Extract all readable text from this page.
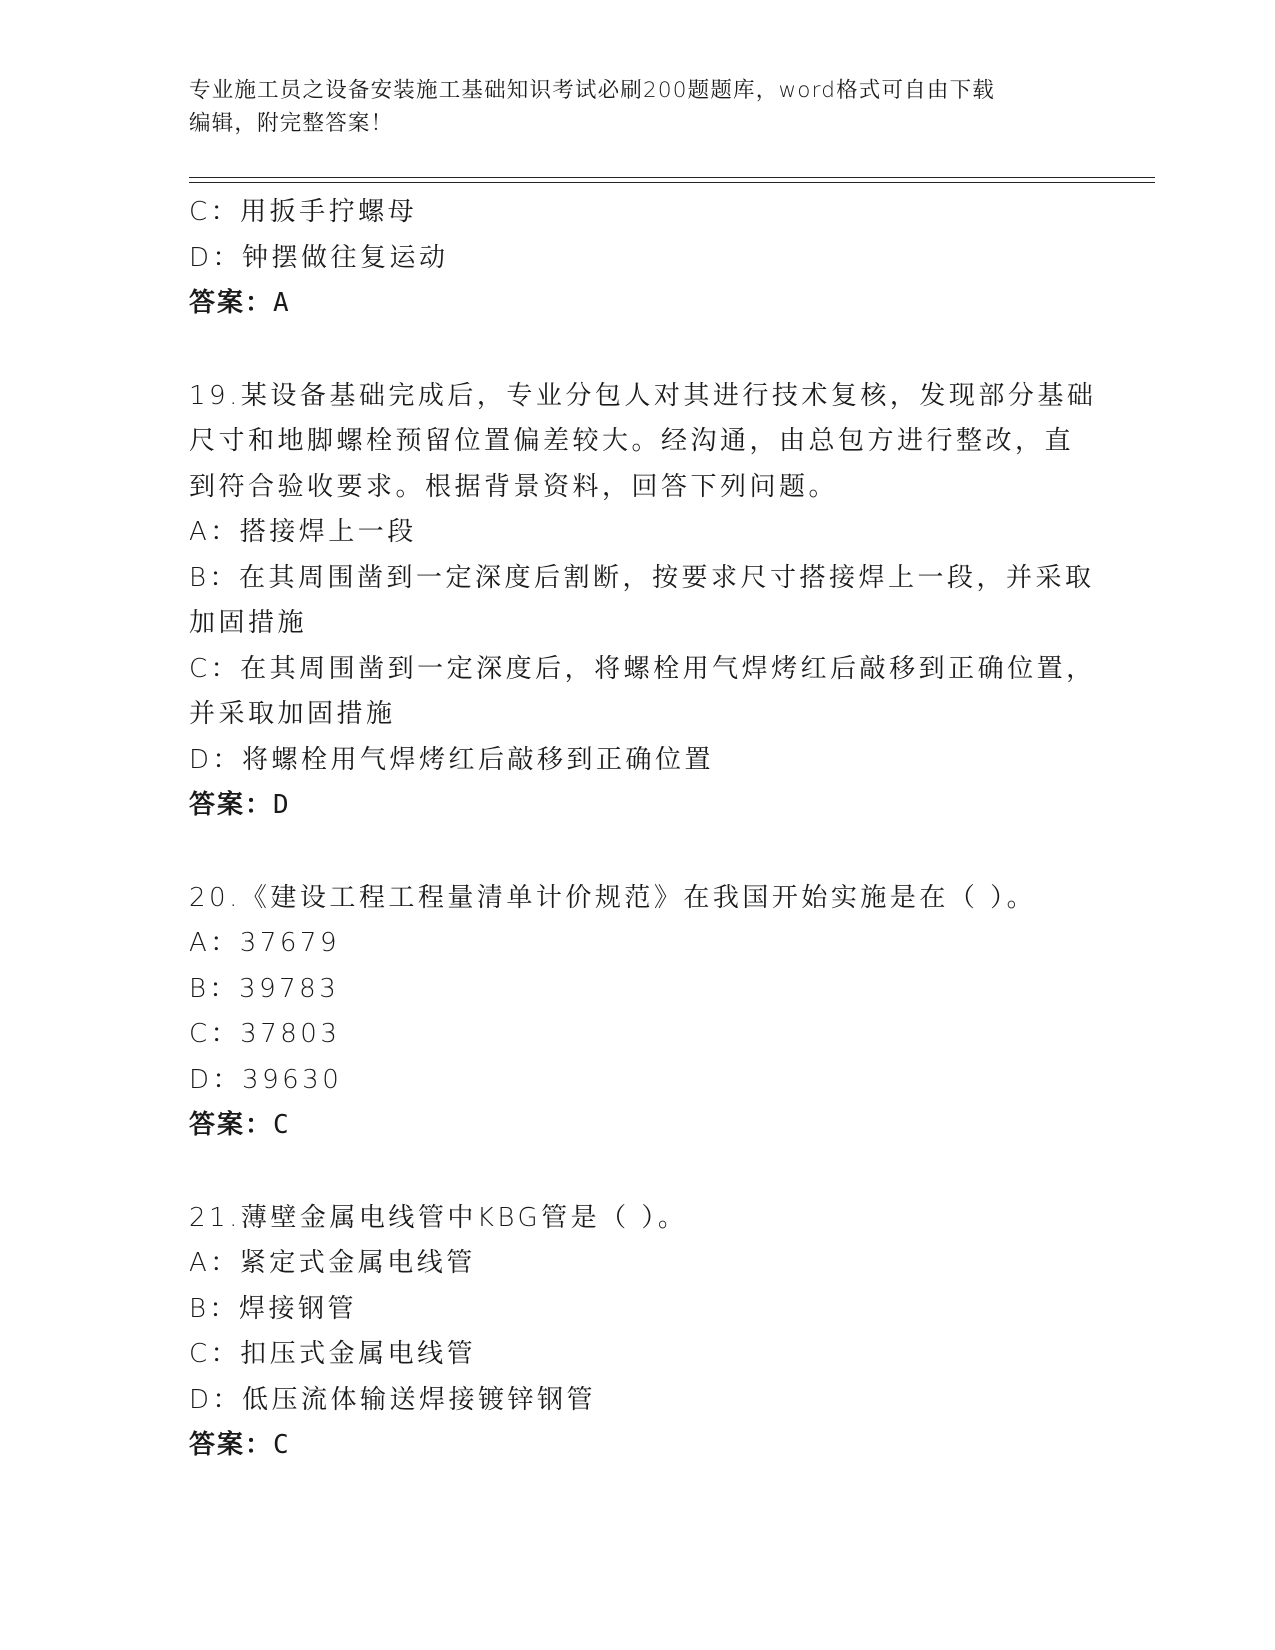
专业施工员之设备安装施工基础知识考试必刷200题题库，word格式可自由下载
编辑，附完整答案！
C：用扳手拧螺母
D：钟摆做往复运动
答案：A
19.某设备基础完成后，专业分包人对其进行技术复核，发现部分基础
尺寸和地脚螺栓预留位置偏差较大。经沟通，由总包方进行整改，直
到符合验收要求。根据背景资料，回答下列问题。
A：搭接焊上一段
B：在其周围凿到一定深度后割断，按要求尺寸搭接焊上一段，并采取
加固措施
C：在其周围凿到一定深度后，将螺栓用气焊烤红后敲移到正确位置，
并采取加固措施
D：将螺栓用气焊烤红后敲移到正确位置
答案：D
20.《建设工程工程量清单计价规范》在我国开始实施是在（ ）。
A：37679
B：39783
C：37803
D：39630
答案：C
21.薄壁金属电线管中KBG管是（ ）。
A：紧定式金属电线管
B：焊接钢管
C：扣压式金属电线管
D：低压流体输送焊接镀锌钢管
答案：C
